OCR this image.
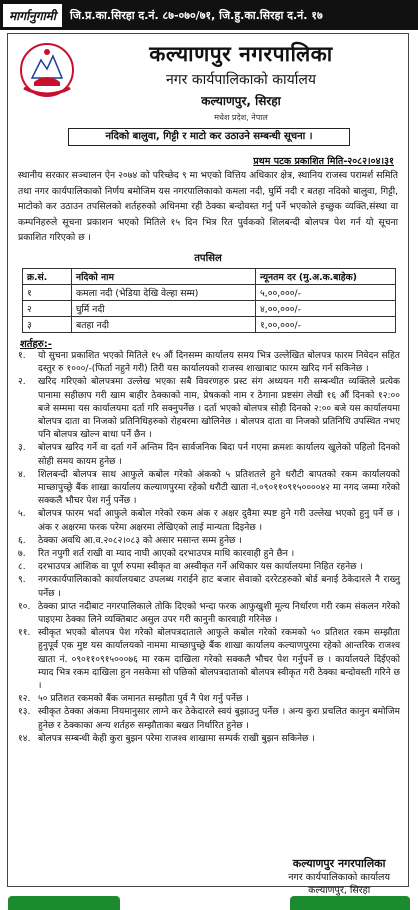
मार्गानुगामी	जि.प्र.का.सिरहा द.नं. ८७-०७०/७१, जि.हु.का.सिरहा द.नं. १७
कल्याणपुर नगरपालिका
नगर कार्यपालिकाको कार्यालय
कल्याणपुर, सिरहा
मधेश प्रदेश, नेपाल
नदिको बालुवा, गिट्टी र माटो कर उठाउने सम्बन्धी सूचना ।
प्रथम पटक प्रकाशित मिति-२०८२।०४।३१
स्थानीय सरकार सञ्चालन ऐन २०७४ को परिच्छेद ९ मा भएको वित्तिय अधिकार क्षेत्र, स्थानिय राजस्व परामर्श समिति तथा नगर कार्यपालिकाको निर्णय बमोजिम यस नगरपालिकाको कमला नदी, घुर्मि नदी र बतहा नदिको बालुवा, गिट्टी, माटोको कर उठाउन तपसिलको शर्तहरुको अधिनमा रही ठेक्का बन्दोवस्त गर्नु पर्ने भएकोले इच्छुक व्यक्ति,संस्था वा कम्पनिहरुले सूचना प्रकाशन भएको मितिले १५ दिन भित्र रित पुर्वकको शिलबन्दी बोलपत्र पेश गर्न यो सूचना प्रकाशित गरिएको छ ।
तपसिल
क्र.सं.	नदिको नाम	न्यूनतम दर (मु.अ.क.बाहेक)
१	कमला नदी (भेडिया देखि वेल्हा सम्म)	५,००,०००/-
२	घुर्मि नदी	४,००,०००/-
३	बतहा नदी	१,००,०००/-
शर्तहरु:-
१.	यो सुचना प्रकाशित भएको मितिले १५ औं दिनसम्म कार्यालय समय भित्र उल्लेखित बोलपत्र फारम निवेदन सहित दस्तुर रु १०००/-(फिर्ता नहुने गरी) तिरी यस कार्यालयको राजस्व शाखाबाट फारम खरिद गर्न सकिनेछ ।
२.	खरिद गरिएको बोलपत्रमा उल्लेख भएका सबै विवरणहरु प्रस्ट संग अध्ययन गरी सम्बन्धीत व्यक्तिले प्रत्येक पानामा सहीछाप गरी खाम बाहीर ठेक्काको नाम, प्रेषकको नाम र ठेगाना प्रष्टसंग लेखी १६ औं दिनको १२:०० बजे सम्ममा यस कार्यालयमा दर्ता गरि सक्नुपर्नेछ । दर्ता भएको बोलपत्र सोही दिनको २:०० बजे यस कार्यालयमा बोलपत्र दाता वा निजको प्रतिनिधिहरुको रोहबरमा खोलिनेछ । बोलपत्र दाता वा निजको प्रतिनिधि उपस्थित नभए पनि बोलपत्र खोल्न बाधा पर्ने छैन ।
३.	बोलपत्र खरिद गर्ने वा दर्ता गर्ने अन्तिम दिन सार्वजनिक बिदा पर्न गएमा क्रमशः कार्यालय खुलेको पहिलो दिनको सोही समय कायम हुनेछ ।
४.	शिलबन्दी बोलपत्र साथ आफुले कबोल गरेको अंकको ५ प्रतिशतले हुने धरौटी बापतको रकम कार्यालयको माच्छापुच्छ्रे बैंक शाखा कार्यालय कल्याणपुरमा रहेको धरौटी खाता नं.०९०११०९१५००००४२ मा नगद जम्मा गरेको सक्कलै भौचर पेश गर्नु पर्नेछ ।
५.	बोलपत्र फारम भर्दा आफुले कबोल गरेको रकम अंक र अक्षर दुवैमा स्पष्ट हुने गरी उल्लेख भएको हुनु पर्ने छ । अंक र अक्षरमा फरक परेमा अक्षरमा लेखिएको लाई मान्यता दिइनेछ ।
६.	ठेक्का अवधि आ.व.२०८२।०८३ को असार मसान्त सम्म हुनेछ ।
७.	रित नपुगी शर्त राखी वा म्याद नाघी आएको दरभाउपत्र माथि कारवाही हुने छैन ।
८.	दरभाउपत्र आंशिक वा पूर्ण रुपमा स्वीकृत वा अस्वीकृत गर्ने अधिकार यस कार्यालयमा निहित रहनेछ ।
९.	नगरकार्यपालिकाको कार्यालयबाट उपलब्ध गराईने हाट बजार सेवाको दररेटहरुको बोर्ड बनाई ठेकेदारले नै राख्नु पर्नेछ ।
१०. ठेक्का प्राप्त नदीबाट नगरपालिकाले तोकि दिएको भन्दा फरक आफुखुशी मूल्य निर्धारण गरी रकम संकलन गरेको पाइएमा ठेक्का लिने व्यक्तिबाट असुल उपर गरी कानुनी कारवाही गरिनेछ ।
११. स्वीकृत भएको बोलपत्र पेश गरेको बोलपत्रदाताले आफुले कबोल गरेको रकमको ५० प्रतिशत रकम सम्झौता हुनुपूर्व एक मुष्ट यस कार्यालयको नाममा माच्छापुच्छ्रे बैंक शाखा कार्यालय कल्याणपुरमा रहेको आन्तरिक राजश्व खाता नं. ०९०११०९१५०००७६ मा रकम दाखिला गरेको सक्कलै भौचर पेश गर्नुपर्ने छ । कार्यालयले दिईएको म्याद भित्र रकम दाखिला हुन नसकेमा सो पछिको बोलपत्रदाताको बोलपत्र स्वीकृत गरी ठेक्का बन्दोवस्ती गरिने छ ।
१२. ५० प्रतिशत रकमको बैंक जमानत सम्झौता पुर्व नै पेश गर्नु पर्नेछ ।
१३. स्वीकृत ठेक्का अंकमा नियमानुसार लाग्ने कर ठेकेदारले स्वयं बुझाउनु पर्नेछ । अन्य कुरा प्रचलित कानुन बमोजिम हुनेछ र ठेक्काका अन्य शर्तहरु सम्झौताका बखत निर्धारित हुनेछ ।
१४. बोलपत्र सम्बन्धी केही कुरा बुझन परेमा राजश्व शाखामा सम्पर्क राखी बुझन सकिनेछ ।
कल्याणपुर नगरपालिका
नगर कार्यपालिकाको कार्यालय
कल्याणपुर, सिरहा
